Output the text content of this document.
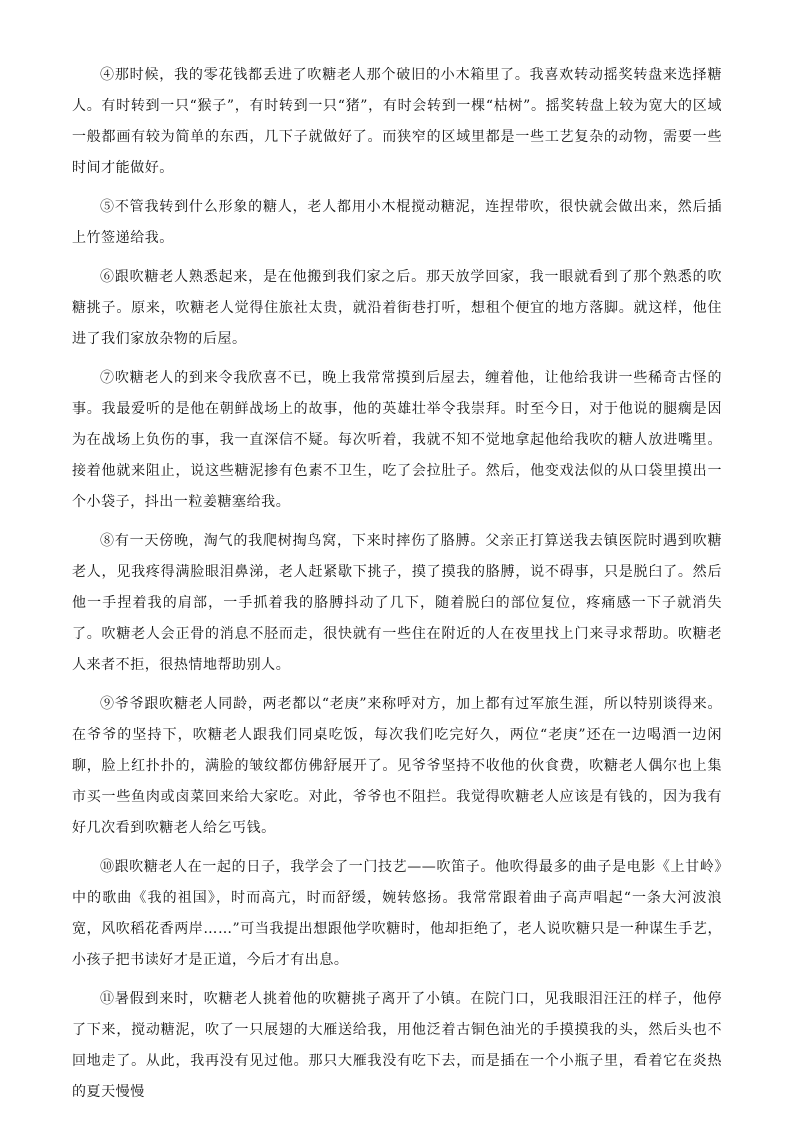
④那时候，我的零花钱都丢进了吹糖老人那个破旧的小木箱里了。我喜欢转动摇奖转盘来选择糖人。有时转到一只“猴子”，有时转到一只“猪”，有时会转到一棵“枯树”。摇奖转盘上较为宽大的区域一般都画有较为简单的东西，几下子就做好了。而狭窄的区域里都是一些工艺复杂的动物，需要一些时间才能做好。

⑤不管我转到什么形象的糖人，老人都用小木棍搅动糖泥，连捏带吹，很快就会做出来，然后插上竹签递给我。

⑥跟吹糖老人熟悉起来，是在他搬到我们家之后。那天放学回家，我一眼就看到了那个熟悉的吹糖挑子。原来，吹糖老人觉得住旅社太贵，就沿着街巷打听，想租个便宜的地方落脚。就这样，他住进了我们家放杂物的后屋。

⑦吹糖老人的到来令我欣喜不已，晚上我常常摸到后屋去，缠着他，让他给我讲一些稀奇古怪的事。我最爱听的是他在朝鲜战场上的故事，他的英雄壮举令我崇拜。时至今日，对于他说的腿瘸是因为在战场上负伤的事，我一直深信不疑。每次听着，我就不知不觉地拿起他给我吹的糖人放进嘴里。接着他就来阻止，说这些糖泥掺有色素不卫生，吃了会拉肚子。然后，他变戏法似的从口袋里摸出一个小袋子，抖出一粒姜糖塞给我。

⑧有一天傍晚，淘气的我爬树掏鸟窝，下来时摔伤了胳膊。父亲正打算送我去镇医院时遇到吹糖老人，见我疼得满脸眼泪鼻涕，老人赶紧歇下挑子，摸了摸我的胳膊，说不碍事，只是脱臼了。然后他一手捏着我的肩部，一手抓着我的胳膊抖动了几下，随着脱臼的部位复位，疼痛感一下子就消失了。吹糖老人会正骨的消息不胫而走，很快就有一些住在附近的人在夜里找上门来寻求帮助。吹糖老人来者不拒，很热情地帮助别人。

⑨爷爷跟吹糖老人同龄，两老都以“老庚”来称呼对方，加上都有过军旅生涯，所以特别谈得来。在爷爷的坚持下，吹糖老人跟我们同桌吃饭，每次我们吃完好久，两位“老庚”还在一边喝酒一边闲聊，脸上红扑扑的，满脸的皱纹都仿佛舒展开了。见爷爷坚持不收他的伙食费，吹糖老人偶尔也上集市买一些鱼肉或卤菜回来给大家吃。对此，爷爷也不阻拦。我觉得吹糖老人应该是有钱的，因为我有好几次看到吹糖老人给乞丐钱。

⑩跟吹糖老人在一起的日子，我学会了一门技艺——吹笛子。他吹得最多的曲子是电影《上甘岭》中的歌曲《我的祖国》，时而高亢，时而舒缓，婉转悠扬。我常常跟着曲子高声唱起“一条大河波浪宽，风吹稻花香两岸……”可当我提出想跟他学吹糖时，他却拒绝了，老人说吹糖只是一种谋生手艺，小孩子把书读好才是正道，今后才有出息。

⑪暑假到来时，吹糖老人挑着他的吹糖挑子离开了小镇。在院门口，见我眼泪汪汪的样子，他停了下来，搅动糖泥，吹了一只展翅的大雁送给我，用他泛着古铜色油光的手摸摸我的头，然后头也不回地走了。从此，我再没有见过他。那只大雁我没有吃下去，而是插在一个小瓶子里，看着它在炎热的夏天慢慢
